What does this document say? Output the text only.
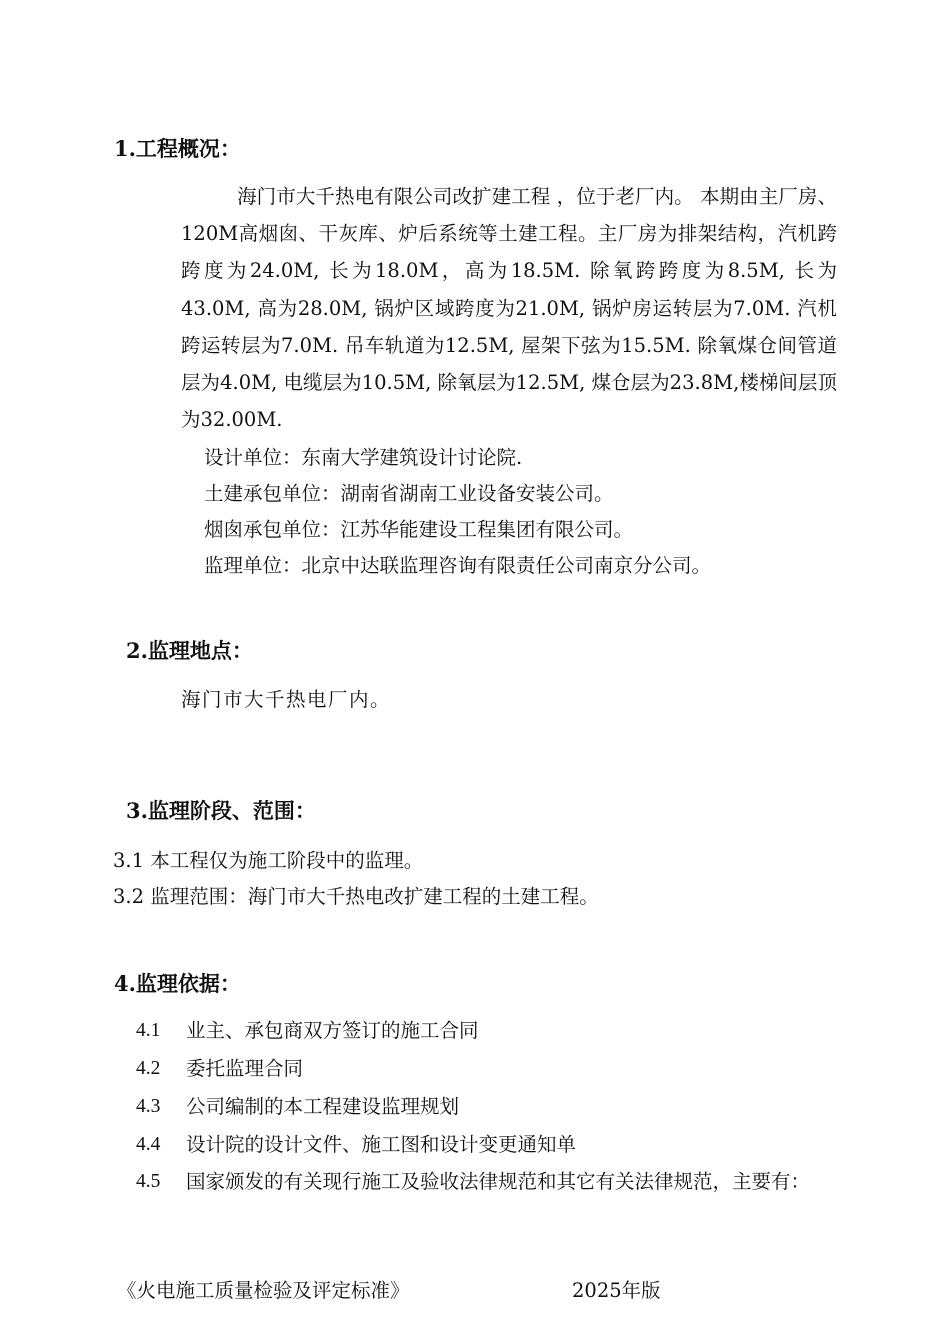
1.工程概况：
海门市大千热电有限公司改扩建工程 ，位于老厂内。 本期由主厂房、120M高烟囱、干灰库、炉后系统等土建工程。主厂房为排架结构，汽机跨跨度为24.0M, 长为18.0M，高为18.5M. 除氧跨跨度为8.5M, 长为43.0M, 高为28.0M, 锅炉区域跨度为21.0M, 锅炉房运转层为7.0M. 汽机跨运转层为7.0M. 吊车轨道为12.5M, 屋架下弦为15.5M. 除氧煤仓间管道层为4.0M, 电缆层为10.5M, 除氧层为12.5M, 煤仓层为23.8M,楼梯间层顶为32.00M.
设计单位：东南大学建筑设计讨论院.
土建承包单位：湖南省湖南工业设备安装公司。
烟囱承包单位：江苏华能建设工程集团有限公司。
监理单位：北京中达联监理咨询有限责任公司南京分公司。
2.监理地点：
海门市大千热电厂内。
3.监理阶段、范围：
3.1 本工程仅为施工阶段中的监理。
3.2 监理范围：海门市大千热电改扩建工程的土建工程。
4.监理依据：
4.1	业主、承包商双方签订的施工合同
4.2	委托监理合同
4.3	公司编制的本工程建设监理规划
4.4	设计院的设计文件、施工图和设计变更通知单
4.5	国家颁发的有关现行施工及验收法律规范和其它有关法律规范，主要有：
《火电施工质量检验及评定标准》	2025年版
